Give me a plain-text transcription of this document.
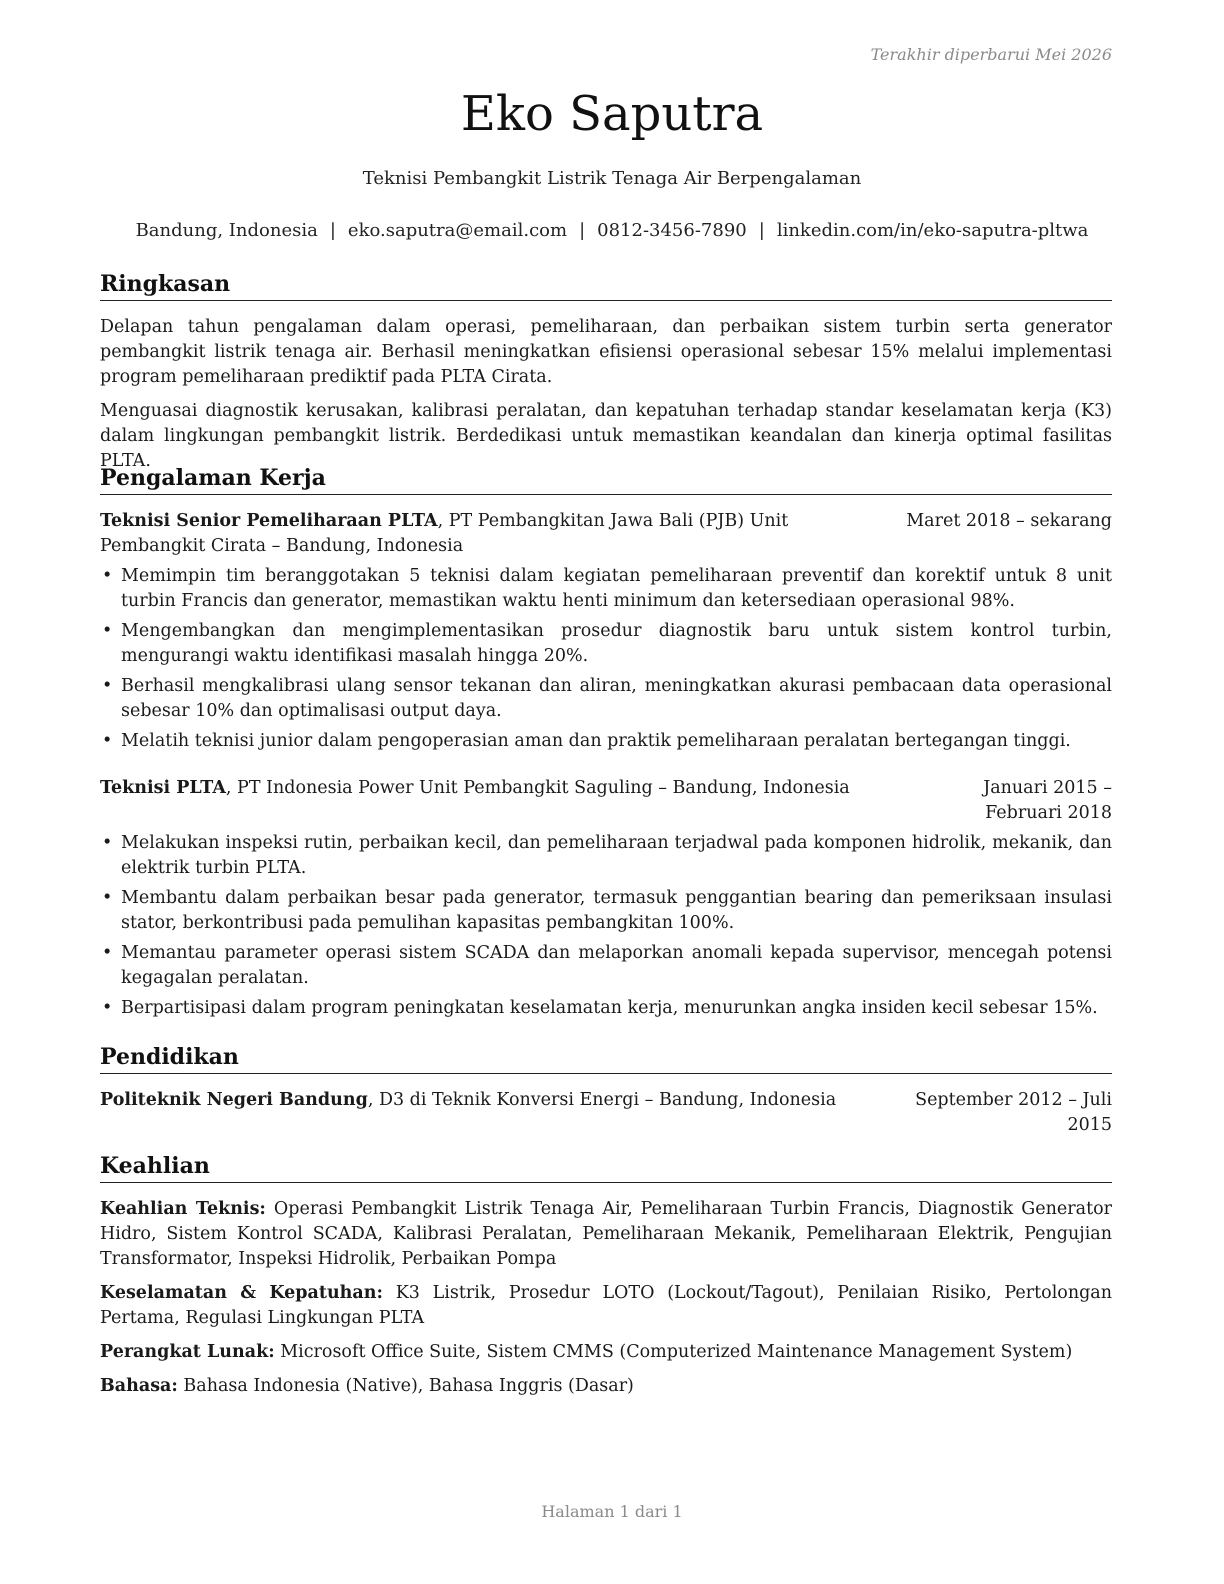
Terakhir diperbarui Mei 2026
Eko Saputra
Teknisi Pembangkit Listrik Tenaga Air Berpengalaman
Bandung, Indonesia | eko.saputra@email.com | 0812-3456-7890 | linkedin.com/in/eko-saputra-pltwa
Ringkasan

Delapan tahun pengalaman dalam operasi, pemeliharaan, dan perbaikan sistem turbin serta generator pembangkit listrik tenaga air. Berhasil meningkatkan efisiensi operasional sebesar 15% melalui implementasi program pemeliharaan prediktif pada PLTA Cirata.

Menguasai diagnostik kerusakan, kalibrasi peralatan, dan kepatuhan terhadap standar keselamatan kerja (K3) dalam lingkungan pembangkit listrik. Berdedikasi untuk memastikan keandalan dan kinerja optimal fasilitas PLTA.

Pengalaman Kerja
Teknisi Senior Pemeliharaan PLTA, PT Pembangkitan Jawa Bali (PJB) Unit Pembangkit Cirata – Bandung, Indonesia
Maret 2018 – sekarang
• Memimpin tim beranggotakan 5 teknisi dalam kegiatan pemeliharaan preventif dan korektif untuk 8 unit turbin Francis dan generator, memastikan waktu henti minimum dan ketersediaan operasional 98%.
• Mengembangkan dan mengimplementasikan prosedur diagnostik baru untuk sistem kontrol turbin, mengurangi waktu identifikasi masalah hingga 20%.
• Berhasil mengkalibrasi ulang sensor tekanan dan aliran, meningkatkan akurasi pembacaan data operasional sebesar 10% dan optimalisasi output daya.
• Melatih teknisi junior dalam pengoperasian aman dan praktik pemeliharaan peralatan bertegangan tinggi.
Teknisi PLTA, PT Indonesia Power Unit Pembangkit Saguling – Bandung, Indonesia	Januari 2015 – Februari 2018
• Melakukan inspeksi rutin, perbaikan kecil, dan pemeliharaan terjadwal pada komponen hidrolik, mekanik, dan elektrik turbin PLTA.
• Membantu dalam perbaikan besar pada generator, termasuk penggantian bearing dan pemeriksaan insulasi stator, berkontribusi pada pemulihan kapasitas pembangkitan 100%.
• Memantau parameter operasi sistem SCADA dan melaporkan anomali kepada supervisor, mencegah potensi kegagalan peralatan.
• Berpartisipasi dalam program peningkatan keselamatan kerja, menurunkan angka insiden kecil sebesar 15%.
Pendidikan
Politeknik Negeri Bandung, D3 di Teknik Konversi Energi – Bandung, Indonesia	September 2012 – Juli 2015
Keahlian

Keahlian Teknis: Operasi Pembangkit Listrik Tenaga Air, Pemeliharaan Turbin Francis, Diagnostik Generator Hidro, Sistem Kontrol SCADA, Kalibrasi Peralatan, Pemeliharaan Mekanik, Pemeliharaan Elektrik, Pengujian Transformator, Inspeksi Hidrolik, Perbaikan Pompa

Keselamatan & Kepatuhan: K3 Listrik, Prosedur LOTO (Lockout/Tagout), Penilaian Risiko, Pertolongan Pertama, Regulasi Lingkungan PLTA

Perangkat Lunak: Microsoft Office Suite, Sistem CMMS (Computerized Maintenance Management System)

Bahasa: Bahasa Indonesia (Native), Bahasa Inggris (Dasar)

Halaman 1 dari 1
